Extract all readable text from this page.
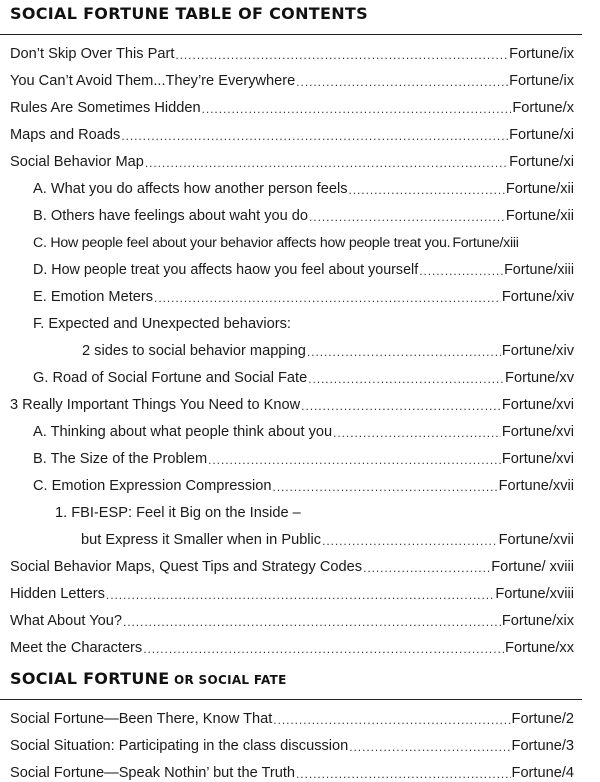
SOCIAL FORTUNE TABLE OF CONTENTS
Don’t Skip Over This Part . . .	Fortune/ix
You Can’t Avoid Them...They’re Everywhere . . .	Fortune/ix
Rules Are Sometimes Hidden . . .	Fortune/x
Maps and Roads . . .	Fortune/xi
Social Behavior Map . . .	Fortune/xi
A. What you do affects how another person feels . . .	Fortune/xii
B. Others have feelings about waht you do . . .	Fortune/xii
C. How people feel about your behavior affects how people treat you. Fortune/xiii
D. How people treat you affects haow you feel about yourself . . .	Fortune/xiii
E. Emotion Meters . . .	Fortune/xiv
F. Expected and Unexpected behaviors:
2 sides to social behavior mapping . . .	Fortune/xiv
G. Road of Social Fortune and Social Fate . . .	Fortune/xv
3 Really Important Things You Need to Know . . .	Fortune/xvi
A. Thinking about what people think about you . . .	Fortune/xvi
B. The Size of the Problem . . .	Fortune/xvi
C. Emotion Expression Compression . . .	Fortune/xvii
1. FBI-ESP: Feel it Big on the Inside –
but Express it Smaller when in Public . . .	Fortune/xvii
Social Behavior Maps, Quest Tips and Strategy Codes . . .	Fortune/ xviii
Hidden Letters . . .	Fortune/xviii
What About You? . . .	Fortune/xix
Meet the Characters . . .	Fortune/xx
SOCIAL FORTUNE OR SOCIAL FATE
Social Fortune—Been There, Know That . . .	Fortune/2
Social Situation: Participating in the class discussion . . .	Fortune/3
Social Fortune—Speak Nothin’ but the Truth . . .	Fortune/4
